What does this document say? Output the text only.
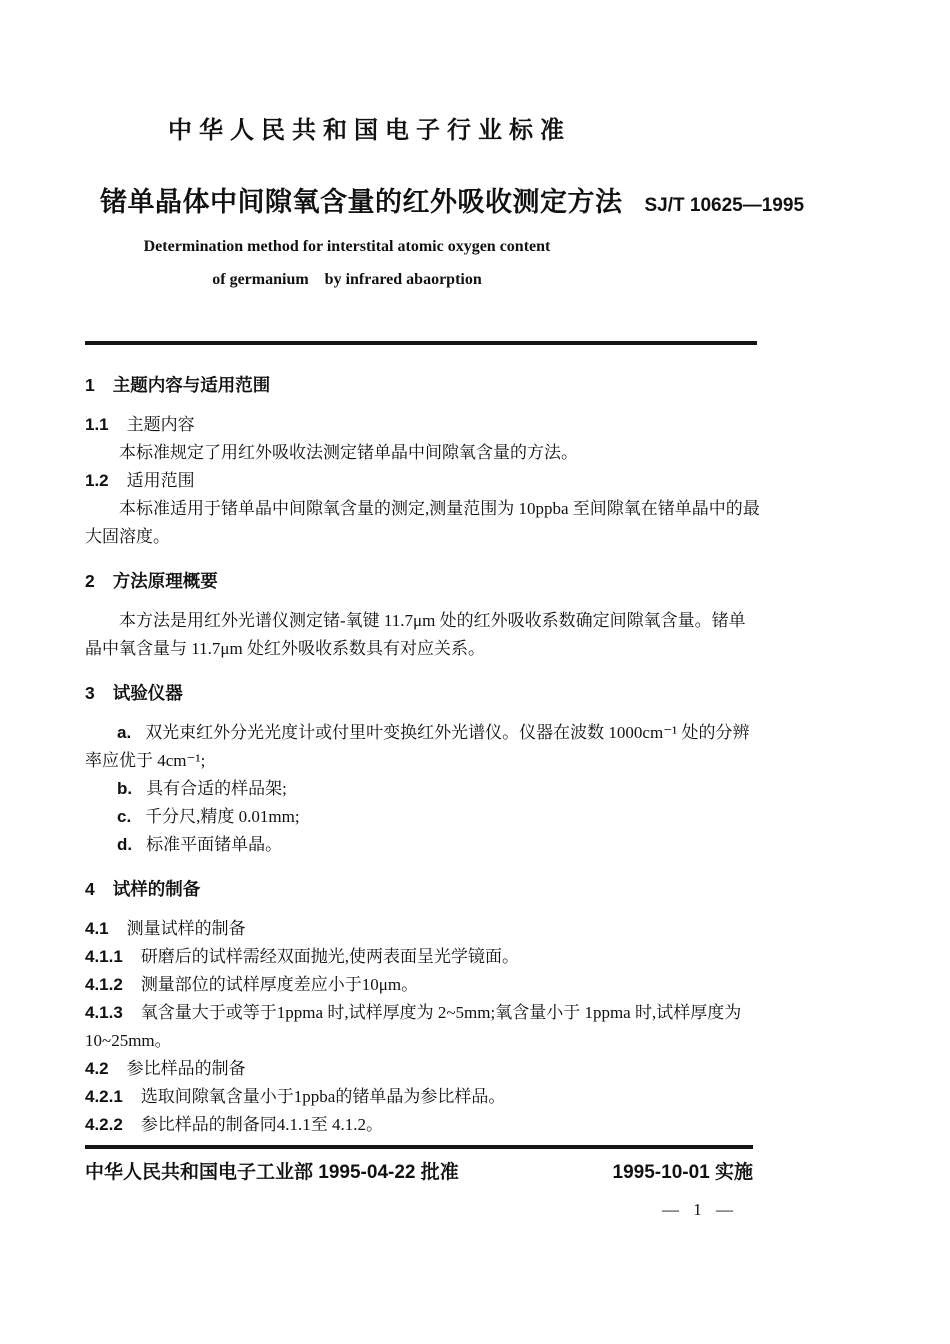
中华人民共和国电子行业标准
锗单晶体中间隙氧含量的红外吸收测定方法 SJ/T 10625—1995
Determination method for interstital atomic oxygen content
of germanium by infrared abaorption
1 主题内容与适用范围
1.1 主题内容
本标准规定了用红外吸收法测定锗单晶中间隙氧含量的方法。
1.2 适用范围
本标准适用于锗单晶中间隙氧含量的测定,测量范围为 10ppba 至间隙氧在锗单晶中的最
大固溶度。
2 方法原理概要
本方法是用红外光谱仪测定锗-氧键 11.7μm 处的红外吸收系数确定间隙氧含量。锗单
晶中氧含量与 11.7μm 处红外吸收系数具有对应关系。
3 试验仪器
a. 双光束红外分光光度计或付里叶变换红外光谱仪。仪器在波数 1000cm⁻¹ 处的分辨
率应优于 4cm⁻¹;
b. 具有合适的样品架;
c. 千分尺,精度 0.01mm;
d. 标准平面锗单晶。
4 试样的制备
4.1 测量试样的制备
4.1.1 研磨后的试样需经双面抛光,使两表面呈光学镜面。
4.1.2 测量部位的试样厚度差应小于10μm。
4.1.3 氧含量大于或等于1ppma 时,试样厚度为 2~5mm;氧含量小于 1ppma 时,试样厚度为
10~25mm。
4.2 参比样品的制备
4.2.1 选取间隙氧含量小于1ppba的锗单晶为参比样品。
4.2.2 参比样品的制备同4.1.1至 4.1.2。
中华人民共和国电子工业部 1995-04-22 批准	1995-10-01 实施
— 1 —
